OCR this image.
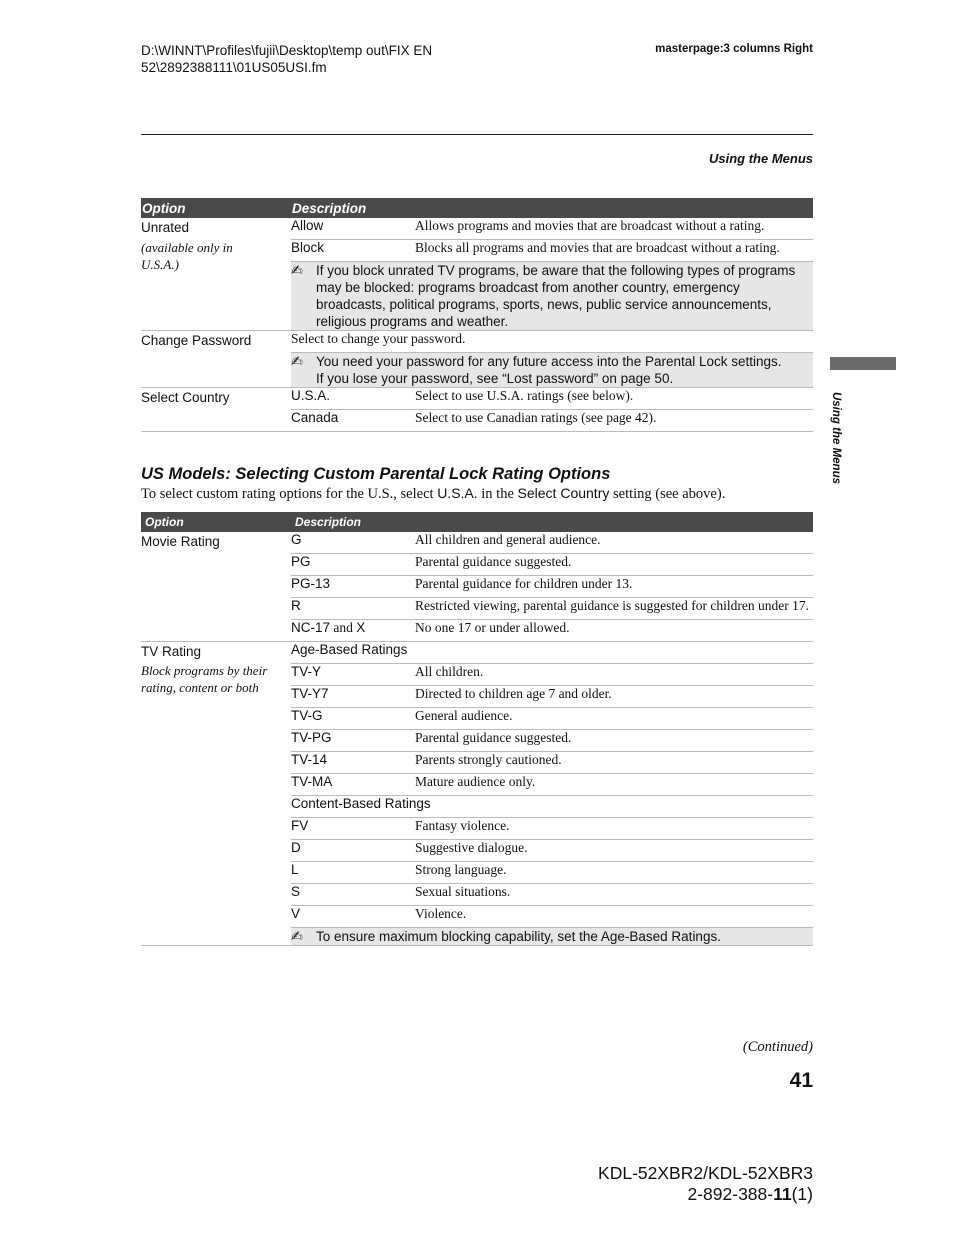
D:\WINNT\Profiles\fujii\Desktop\temp out\FIX EN
52\2892388111\01US05USI.fm
masterpage:3 columns Right
Using the Menus
Using the Menus
Option	Description	

Unrated
(available only in U.S.A.)	Allow	Allows programs and movies that are broadcast without a rating.
	Block	Blocks all programs and movies that are broadcast without a rating.

	✍ If you block unrated TV programs, be aware that the following types of programs may be blocked: programs broadcast from another country, emergency broadcasts, political programs, sports, news, public service announcements, religious programs and weather.	

Change Password	Select to change your password.	

	✍ You need your password for any future access into the Parental Lock settings.
If you lose your password, see “Lost password” on page 50.	

Select Country	U.S.A.	Select to use U.S.A. ratings (see below).
	Canada	Select to use Canadian ratings (see page 42).
US Models: Selecting Custom Parental Lock Rating Options
To select custom rating options for the U.S., select U.S.A. in the Select Country setting (see above).
Option	Description	

Movie Rating	G	All children and general audience.
	PG	Parental guidance suggested.
	PG-13	Parental guidance for children under 13.
	R	Restricted viewing, parental guidance is suggested for children under 17.
	NC-17 and X	No one 17 or under allowed.

TV Rating
Block programs by their rating, content or both	Age-Based Ratings	
	TV-Y	All children.
	TV-Y7	Directed to children age 7 and older.
	TV-G	General audience.
	TV-PG	Parental guidance suggested.
	TV-14	Parents strongly cautioned.
	TV-MA	Mature audience only.
	Content-Based Ratings	
	FV	Fantasy violence.
	D	Suggestive dialogue.
	L	Strong language.
	S	Sexual situations.
	V	Violence.

	✍ To ensure maximum blocking capability, set the Age-Based Ratings.	
(Continued)
41
KDL-52XBR2/KDL-52XBR3
2-892-388-11(1)
